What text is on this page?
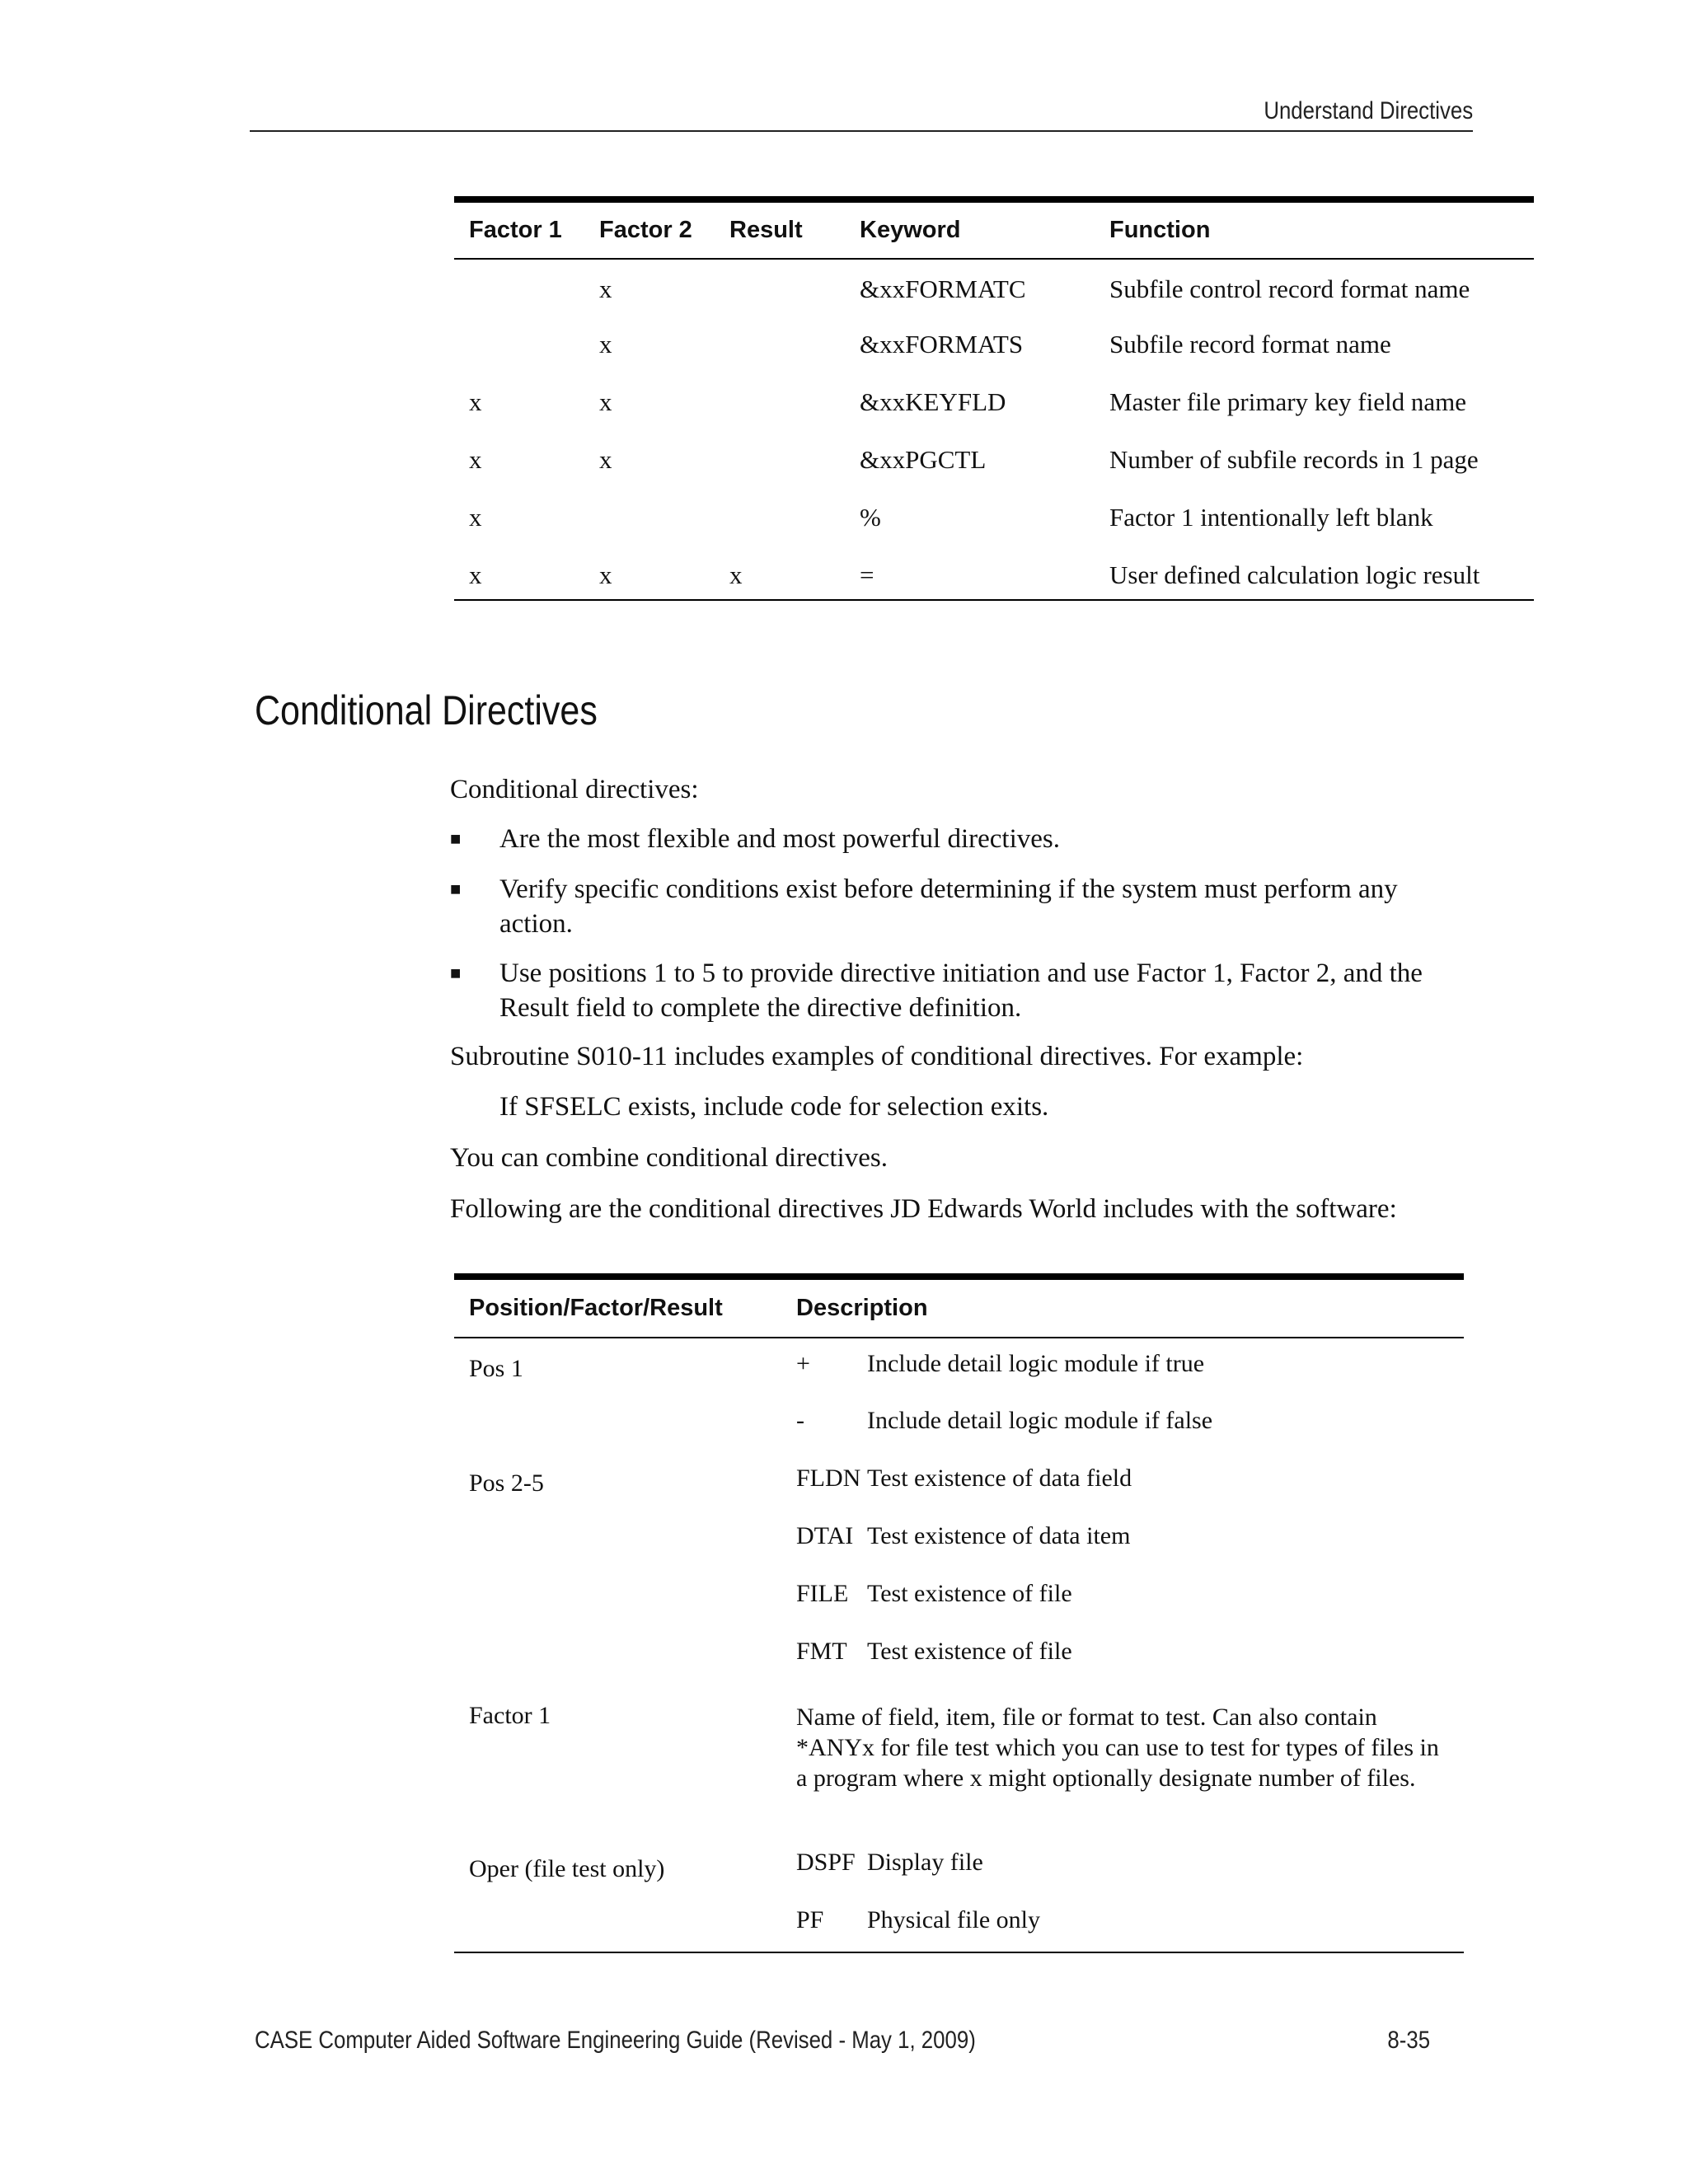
Understand Directives
Factor 1	Factor 2	Result	Keyword	Function
	x		&xxFORMATC	Subfile control record format name
	x		&xxFORMATS	Subfile record format name
x	x		&xxKEYFLD	Master file primary key field name
x	x		&xxPGCTL	Number of subfile records in 1 page
x			%	Factor 1 intentionally left blank
x	x	x	=	User defined calculation logic result
Conditional Directives

Conditional directives:

■ Are the most flexible and most powerful directives.
■ Verify specific conditions exist before determining if the system must perform any action.
■ Use positions 1 to 5 to provide directive initiation and use Factor 1, Factor 2, and the Result field to complete the directive definition.

Subroutine S010-11 includes examples of conditional directives. For example:

If SFSELC exists, include code for selection exits.

You can combine conditional directives.

Following are the conditional directives JD Edwards World includes with the software:

Position/Factor/Result	Description
Pos 1	+ Include detail logic module if true
	- Include detail logic module if false
Pos 2-5	FLDN Test existence of data field
	DTAI Test existence of data item
	FILE Test existence of file
	FMT Test existence of file
Factor 1	Name of field, item, file or format to test. Can also contain *ANYx for file test which you can use to test for types of files in a program where x might optionally designate number of files.
Oper (file test only)	DSPF Display file
	PF Physical file only
CASE Computer Aided Software Engineering Guide (Revised - May 1, 2009)	8-35
